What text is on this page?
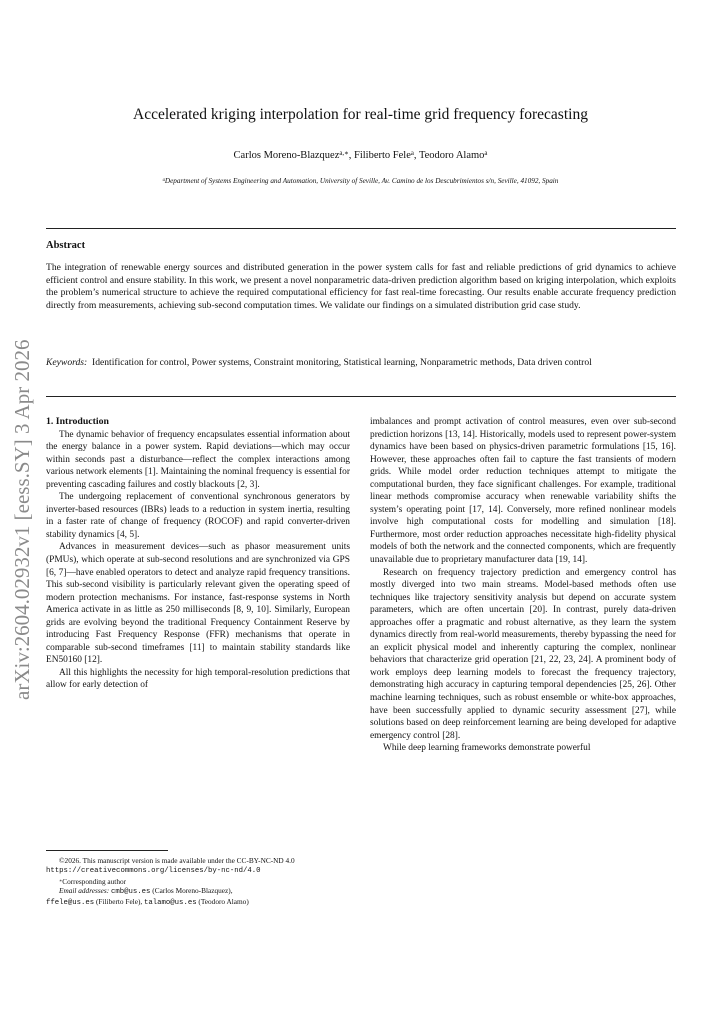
arXiv:2604.02932v1 [eess.SY] 3 Apr 2026
Accelerated kriging interpolation for real-time grid frequency forecasting
Carlos Moreno-Blazquez$^{a,∗}$, Filiberto Fele$^a$, Teodoro Alamo$^a$
$^a$Department of Systems Engineering and Automation, University of Seville, Av. Camino de los Descubrimientos s/n, Seville, 41092, Spain
Abstract
The integration of renewable energy sources and distributed generation in the power system calls for fast and reliable predictions of grid dynamics to achieve efficient control and ensure stability. In this work, we present a novel nonparametric data-driven prediction algorithm based on kriging interpolation, which exploits the problem’s numerical structure to achieve the required computational efficiency for fast real-time forecasting. Our results enable accurate frequency prediction directly from measurements, achieving sub-second computation times. We validate our findings on a simulated distribution grid case study.
Keywords: Identification for control, Power systems, Constraint monitoring, Statistical learning, Nonparametric methods, Data driven control

1. Introduction

The dynamic behavior of frequency encapsulates essential information about the energy balance in a power system. Rapid deviations—which may occur within seconds past a disturbance—reflect the complex interactions among various network elements [1]. Maintaining the nominal frequency is essential for preventing cascading failures and costly blackouts [2, 3].

The undergoing replacement of conventional synchronous generators by inverter-based resources (IBRs) leads to a reduction in system inertia, resulting in a faster rate of change of frequency (ROCOF) and rapid converter-driven stability dynamics [4, 5].

Advances in measurement devices—such as phasor measurement units (PMUs), which operate at sub-second resolutions and are synchronized via GPS [6, 7]—have enabled operators to detect and analyze rapid frequency transitions. This sub-second visibility is particularly relevant given the operating speed of modern protection mechanisms. For instance, fast-response systems in North America activate in as little as 250 milliseconds [8, 9, 10]. Similarly, European grids are evolving beyond the traditional Frequency Containment Reserve by introducing Fast Frequency Response (FFR) mechanisms that operate in comparable sub-second timeframes [11] to maintain stability standards like EN50160 [12].

All this highlights the necessity for high temporal-resolution predictions that allow for early detection of

imbalances and prompt activation of control measures, even over sub-second prediction horizons [13, 14]. Historically, models used to represent power-system dynamics have been based on physics-driven parametric formulations [15, 16]. However, these approaches often fail to capture the fast transients of modern grids. While model order reduction techniques attempt to mitigate the computational burden, they face significant challenges. For example, traditional linear methods compromise accuracy when renewable variability shifts the system’s operating point [17, 14]. Conversely, more refined nonlinear models involve high computational costs for modelling and simulation [18]. Furthermore, most order reduction approaches necessitate high-fidelity physical models of both the network and the connected components, which are frequently unavailable due to proprietary manufacturer data [19, 14].

Research on frequency trajectory prediction and emergency control has mostly diverged into two main streams. Model-based methods often use techniques like trajectory sensitivity analysis but depend on accurate system parameters, which are often uncertain [20]. In contrast, purely data-driven approaches offer a pragmatic and robust alternative, as they learn the system dynamics directly from real-world measurements, thereby bypassing the need for an explicit physical model and inherently capturing the complex, nonlinear behaviors that characterize grid operation [21, 22, 23, 24]. A prominent body of work employs deep learning models to forecast the frequency trajectory, demonstrating high accuracy in capturing temporal dependencies [25, 26]. Other machine learning techniques, such as robust ensemble or white-box approaches, have been successfully applied to dynamic security assessment [27], while solutions based on deep reinforcement learning are being developed for adaptive emergency control [28].

While deep learning frameworks demonstrate powerful

©2026. This manuscript version is made available under the CC-BY-NC-ND 4.0 https://creativecommons.org/licenses/by-nc-nd/4.0
∗Corresponding author
Email addresses: cmb@us.es (Carlos Moreno-Blazquez),
ffele@us.es (Filiberto Fele), talamo@us.es (Teodoro Alamo)
